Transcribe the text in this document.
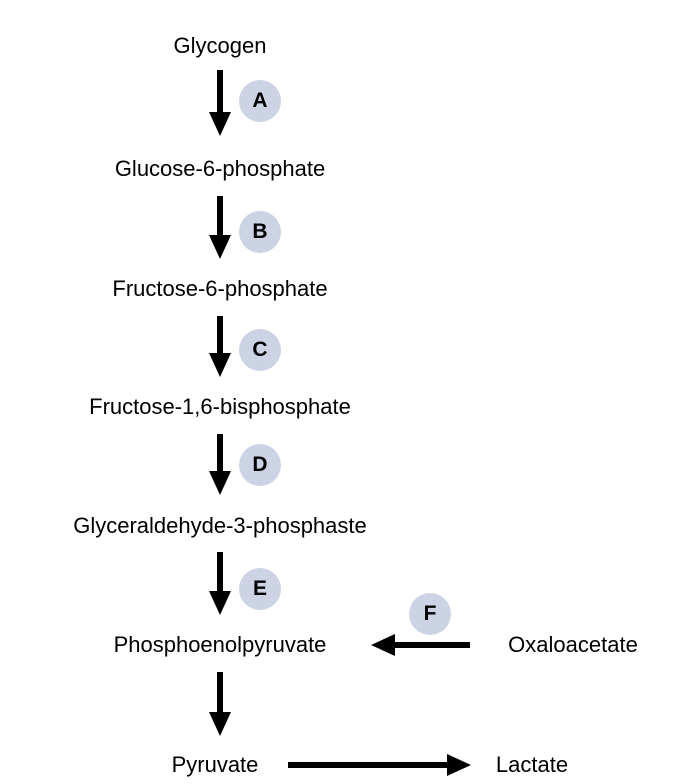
Glycogen
Glucose-6-phosphate
Fructose-6-phosphate
Fructose-1,6-bisphosphate
Glyceraldehyde-3-phosphaste
Phosphoenolpyruvate	Oxaloacetate
Pyruvate	Lactate
A
B
C
D
E
F
